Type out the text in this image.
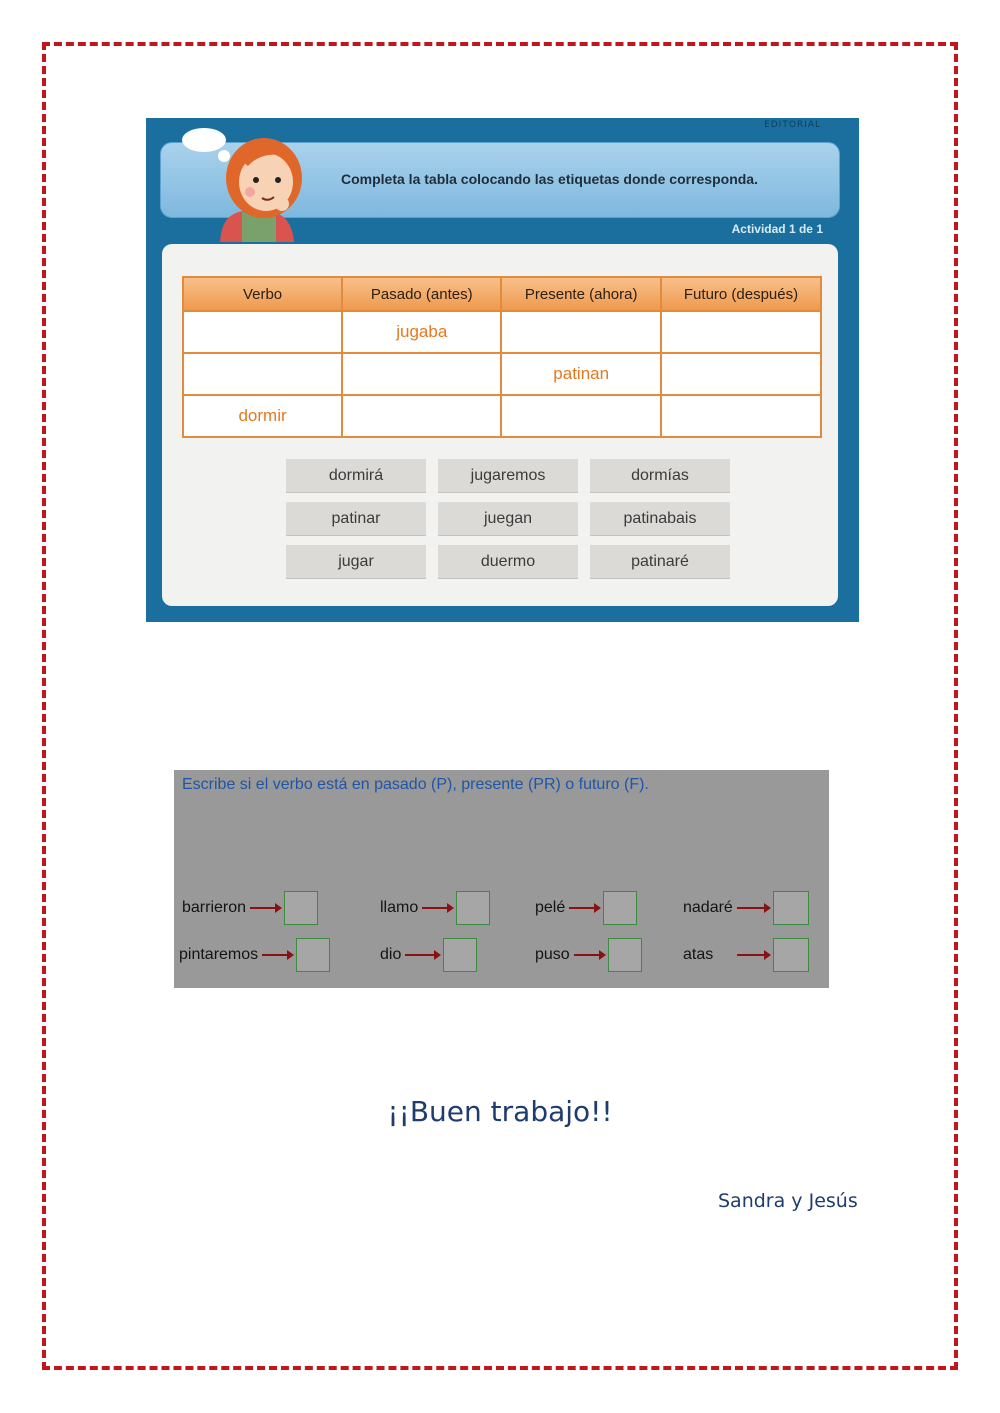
EDITORIAL
Completa la tabla colocando las etiquetas donde corresponda.
Actividad 1 de 1
Verbo	Pasado (antes)	Presente (ahora)	Futuro (después)
	jugaba		
		patinan	
dormir			
dormirá	jugaremos	dormías
patinar	juegan	patinabais
jugar	duermo	patinaré
Escribe si el verbo está en pasado (P), presente (PR) o futuro (F).
barrieron	llamo	pelé	nadaré
pintaremos	dio	puso	atas
¡¡Buen trabajo!!
Sandra y Jesús
